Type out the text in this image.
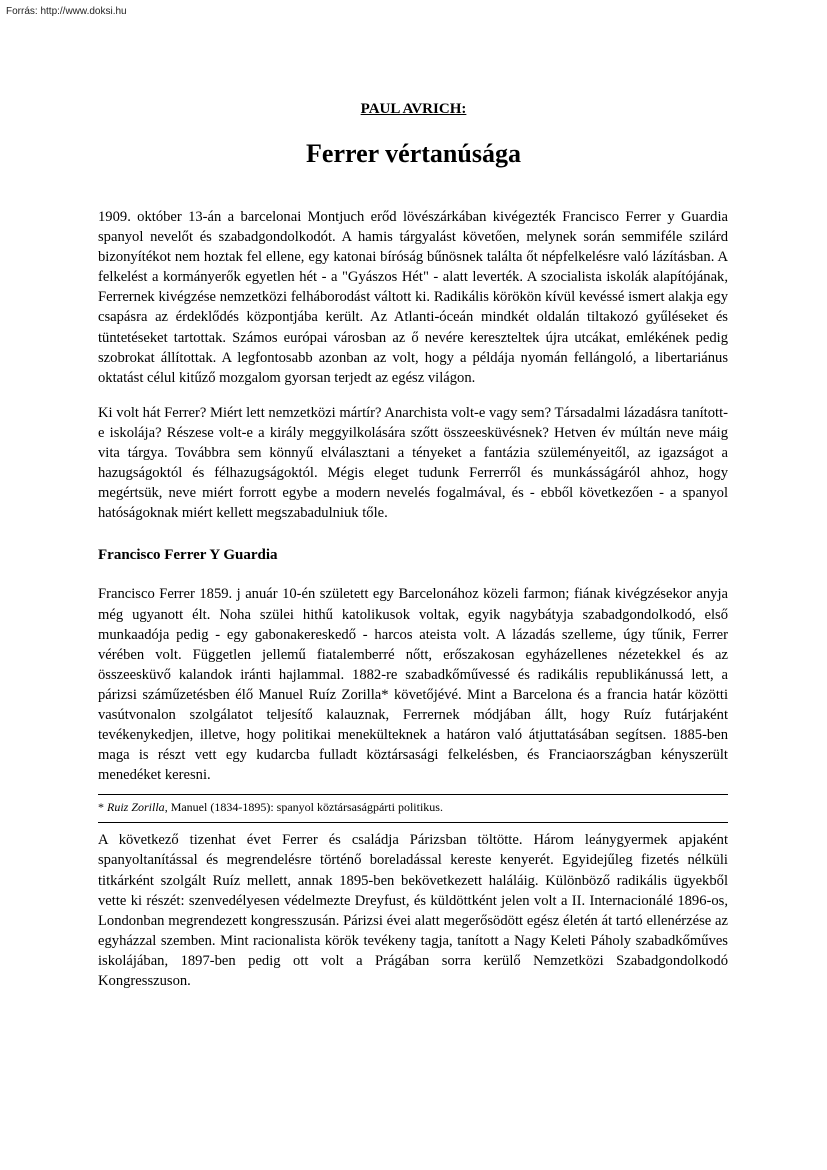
Forrás: http://www.doksi.hu
PAUL AVRICH:
Ferrer vértanúsága

1909. október 13-án a barcelonai Montjuch erőd lövészárkában kivégezték Francisco Ferrer y Guardia spanyol nevelőt és szabadgondolkodót. A hamis tárgyalást követően, melynek során semmiféle szilárd bizonyítékot nem hoztak fel ellene, egy katonai bíróság bűnösnek találta őt népfelkelésre való lázításban. A felkelést a kormányerők egyetlen hét - a "Gyászos Hét" - alatt leverték. A szocialista iskolák alapítójának, Ferrernek kivégzése nemzetközi felháborodást váltott ki. Radikális körökön kívül kevéssé ismert alakja egy csapásra az érdeklődés központjába került. Az Atlanti-óceán mindkét oldalán tiltakozó gyűléseket és tüntetéseket tartottak. Számos európai városban az ő nevére kereszteltek újra utcákat, emlékének pedig szobrokat állítottak. A legfontosabb azonban az volt, hogy a példája nyomán fellángoló, a libertariánus oktatást célul kitűző mozgalom gyorsan terjedt az egész világon.

Ki volt hát Ferrer? Miért lett nemzetközi mártír? Anarchista volt-e vagy sem? Társadalmi lázadásra tanított-e iskolája? Részese volt-e a király meggyilkolására szőtt összeesküvésnek? Hetven év múltán neve máig vita tárgya. Továbbra sem könnyű elválasztani a tényeket a fantázia szüleményeitől, az igazságot a hazugságoktól és félhazugságoktól. Mégis eleget tudunk Ferrerről és munkásságáról ahhoz, hogy megértsük, neve miért forrott egybe a modern nevelés fogalmával, és - ebből következően - a spanyol hatóságoknak miért kellett megszabadulniuk tőle.

Francisco Ferrer Y Guardia

Francisco Ferrer 1859. j anuár 10-én született egy Barcelonához közeli farmon; fiának kivégzésekor anyja még ugyanott élt. Noha szülei hithű katolikusok voltak, egyik nagybátyja szabadgondolkodó, első munkaadója pedig - egy gabonakereskedő - harcos ateista volt. A lázadás szelleme, úgy tűnik, Ferrer vérében volt. Független jellemű fiatalemberré nőtt, erőszakosan egyházellenes nézetekkel és az összeesküvő kalandok iránti hajlammal. 1882-re szabadkőművessé és radikális republikánussá lett, a párizsi száműzetésben élő Manuel Ruíz Zorilla* követőjévé. Mint a Barcelona és a francia határ közötti vasútvonalon szolgálatot teljesítő kalauznak, Ferrernek módjában állt, hogy Ruíz futárjaként tevékenykedjen, illetve, hogy politikai menekülteknek a határon való átjuttatásában segítsen. 1885-ben maga is részt vett egy kudarcba fulladt köztársasági felkelésben, és Franciaországban kényszerült menedéket keresni.

* Ruiz Zorilla, Manuel (1834-1895): spanyol köztársaságpárti politikus.

A következő tizenhat évet Ferrer és családja Párizsban töltötte. Három leánygyermek apjaként spanyoltanítással és megrendelésre történő boreladással kereste kenyerét. Egyidejűleg fizetés nélküli titkárként szolgált Ruíz mellett, annak 1895-ben bekövetkezett haláláig. Különböző radikális ügyekből vette ki részét: szenvedélyesen védelmezte Dreyfust, és küldöttként jelen volt a II. Internacionálé 1896-os, Londonban megrendezett kongresszusán. Párizsi évei alatt megerősödött egész életén át tartó ellenérzése az egyházzal szemben. Mint racionalista körök tevékeny tagja, tanított a Nagy Keleti Páholy szabadkőműves iskolájában, 1897-ben pedig ott volt a Prágában sorra kerülő Nemzetközi Szabadgondolkodó Kongresszuson.
